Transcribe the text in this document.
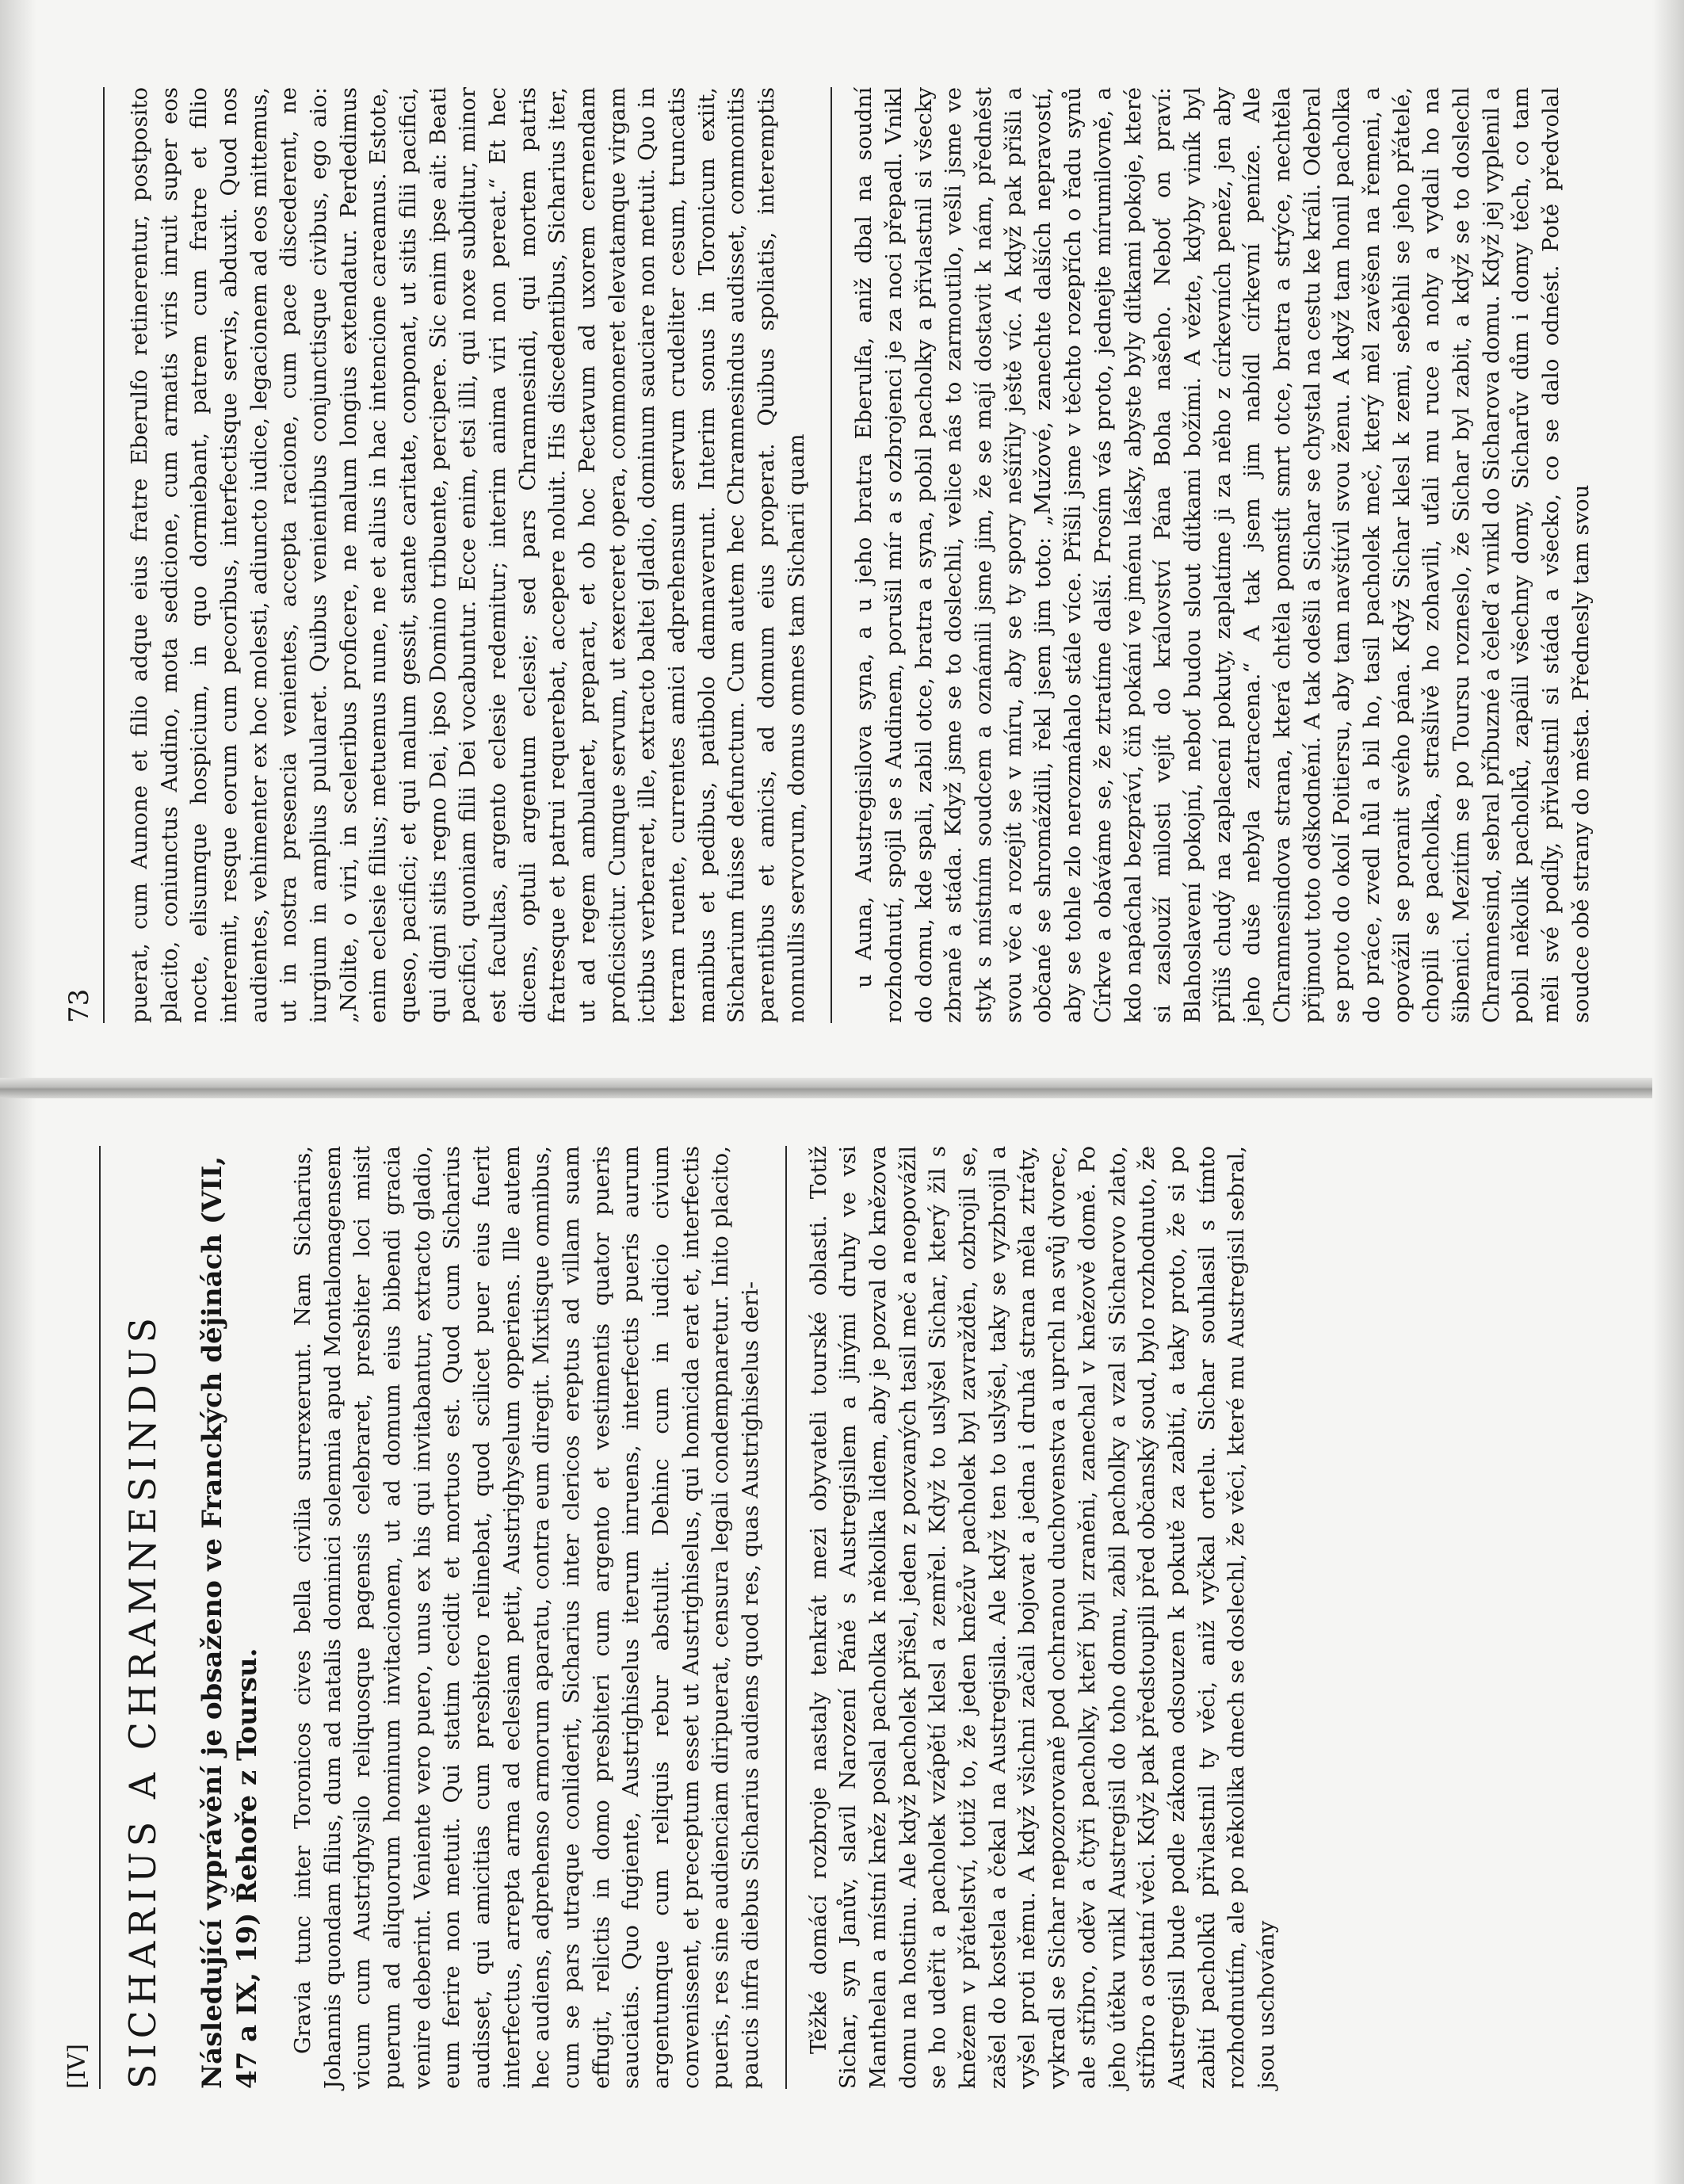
[IV] SICHARIUS A CHRAMNESINDUS Následující vyprávění je obsaženo ve Franckých dějinách (VII, 47 a IX, 19) Řehoře z Toursu. Gravia tunc inter Toronicos cives bella civilia surrexerunt. Nam Sicharius, Johannis quondam filius, dum ad natalis dominici solemnia apud Montalomagensem vicum cum Austrighysilo reliquosque pagensis celebraret, presbiter loci misit puerum ad aliquorum hominum invitacionem, ut ad domum eius bibendi gracia venire deberint. Veniente vero puero, unus ex his qui invitabantur, extracto gladio, eum ferire non metuit. Qui statim cecidit et mortuos est. Quod cum Sicharius audisset, qui amicitias cum presbitero relinebat, quod scilicet puer eius fuerit interfectus, arrepta arma ad eclesiam petit, Austrighyselum opperiens. Ille autem hec audiens, adprehenso armorum aparatu, contra eum diregit. Mixtisque omnibus, cum se pars utraque conliderit, Sicharius inter clericos ereptus ad villam suam effugit, relictis in domo presbiteri cum argento et vestimentis quator pueris sauciatis. Quo fugiente, Austrighiselus iterum inruens, interfectis pueris aurum argentumque cum reliquis rebur abstulit. Dehinc cum in iudicio civium convenissent, et preceptum esset ut Austrighiselus, qui homicida erat et, interfectis pueris, res sine audienciam diripuerat, censura legali condempnaretur. Inito placito, paucis infra diebus Sicharius audiens quod res, quas Austrighiselus deri- Těžké domácí rozbroje nastaly tenkrát mezi obyvateli tourské oblasti. Totiž Sichar, syn Janův, slavil Narození Páně s Austregisilem a jinými druhy ve vsi Manthelan a místní kněz poslal pacholka k několika lidem, aby je pozval do knězova domu na hostinu. Ale když pacholek přišel, jeden z pozvaných tasil meč a neopovážil se ho udeřit a pacholek vzápětí klesl a zemřel. Když to uslyšel Sichar, který žil s knězem v přátelství, totiž to, že jeden knězův pacholek byl zavražděn, ozbrojil se, zašel do kostela a čekal na Austregisila. Ale když ten to uslyšel, taky se vyzbrojil a vyšel proti němu. A když všichni začali bojovat a jedna i druhá strana měla ztráty, vykradl se Sichar nepozorovaně pod ochranou duchovenstva a uprchl na svůj dvorec, ale stříbro, oděv a čtyři pacholky, kteří byli zraněni, zanechal v knězově domě. Po jeho útěku vnikl Austregisil do toho domu, zabil pacholky a vzal si Sicharovo zlato, stříbro a ostatní věci. Když pak předstoupili před občanský soud, bylo rozhodnuto, že Austregisil bude podle zákona odsouzen k pokutě za zabití, a taky proto, že si po zabití pacholků přivlastnil ty věci, aniž vyčkal ortelu. Sichar souhlasil s tímto rozhodnutím, ale po několika dnech se doslechl, že věci, které mu Austregisil sebral, jsou uschovány

73 puerat, cum Aunone et filio adque eius fratre Eberulfo retinerentur, postposito placito, coniunctus Audino, mota sedicione, cum armatis viris inruit super eos nocte, elisumque hospicium, in quo dormiebant, patrem cum fratre et filio interemit, resque eorum cum pecoribus, interfectisque servis, abduxit. Quod nos audientes, vehimenter ex hoc molesti, adiuncto iudice, legacionem ad eos mittemus, ut in nostra presencia venientes, accepta racione, cum pace discederent, ne iurgium in amplius pulularet. Quibus venientibus conjunctisque civibus, ego aio: „Nolite, o viri, in sceleribus proficere, ne malum longius extendatur. Perdedimus enim eclesie filius; metuemus nune, ne et alius in hac intencione careamus. Estote, queso, pacifici; et qui malum gessit, stante caritate, conponat, ut sitis filii pacifici, qui digni sitis regno Dei, ipso Domino tribuente, percipere. Sic enim ipse ait: Beati pacifici, quoniam filii Dei vocabuntur. Ecce enim, etsi illi, qui noxe subditur, minor est facultas, argento eclesie redemitur; interim anima viri non pereat.“ Et hec dicens, optuli argentum eclesie; sed pars Chramnesindi, qui mortem patris fratresque et patrui requerebat, accepere noluit. His discedentibus, Sicharius iter, ut ad regem ambularet, preparat, et ob hoc Pectavum ad uxorem cernendam proficiscitur. Cumque servum, ut exerceret opera, commoneret elevatamque virgam ictibus verberaret, ille, extracto baltei gladio, dominum sauciare non metuit. Quo in terram ruente, currentes amici adprehensum servum crudeliter cesum, truncatis manibus et pedibus, patibolo damnaverunt. Interim sonus in Toronicum exiit, Sicharium fuisse defunctum. Cum autem hec Chramnesindus audisset, commonitis parentibus et amicis, ad domum eius properat. Quibus spoliatis, interemptis nonnullis servorum, domus omnes tam Sicharii quam u Auna, Austregisilova syna, a u jeho bratra Eberulfa, aniž dbal na soudní rozhodnutí, spojil se s Audinem, porušil mír a s ozbrojenci je za noci přepadl. Vnikl do domu, kde spali, zabil otce, bratra a syna, pobil pacholky a přivlastnil si všecky zbraně a stáda. Když jsme se to doslechli, velice nás to zarmoutilo, vešli jsme ve styk s místním soudcem a oznámili jsme jim, že se mají dostavit k nám, předněst svou věc a rozejít se v míru, aby se ty spory nešířily ještě víc. A když pak přišli a občané se shromáždili, řekl jsem jim toto: „Mužové, zanechte dalších nepravostí, aby se tohle zlo nerozmáhalo stále více. Přišli jsme v těchto rozepřích o řadu synů Církve a obáváme se, že ztratíme další. Prosím vás proto, jednejte mírumilovně, a kdo napáchal bezpráví, čiň pokání ve jménu lásky, abyste byly dítkami pokoje, které si zaslouží milosti vejít do království Pána Boha našeho. Neboť on praví: Blahoslavení pokojní, neboť budou slout dítkami božími. A vězte, kdyby viník byl příliš chudý na zaplacení pokuty, zaplatíme ji za něho z církevních peněz, jen aby jeho duše nebyla zatracena.“ A tak jsem jim nabídl církevní peníze. Ale Chramnesindova strana, která chtěla pomstít smrt otce, bratra a strýce, nechtěla přijmout toto odškodnění. A tak odešli a Sichar se chystal na cestu ke králi. Odebral se proto do okolí Poitiersu, aby tam navštívil svou ženu. A když tam honil pacholka do práce, zvedl hůl a bil ho, tasil pacholek meč, který měl zavěšen na řemeni, a opovážil se poranit svého pána. Když Sichar klesl k zemi, seběhli se jeho přátelé, chopili se pacholka, strašlivě ho zohavili, uťali mu ruce a nohy a vydali ho na šibenici. Mezitím se po Toursu rozneslo, že Sichar byl zabit, a když se to doslechl Chramnesind, sebral příbuzné a čeleď a vnikl do Sicharova domu. Když jej vyplenil a pobil několik pacholků, zapálil všechny domy, Sicharův dům i domy těch, co tam měli své podíly, přivlastnil si stáda a všecko, co se dalo odnést. Potě předvolal soudce obě strany do města. Přednesly tam svou
